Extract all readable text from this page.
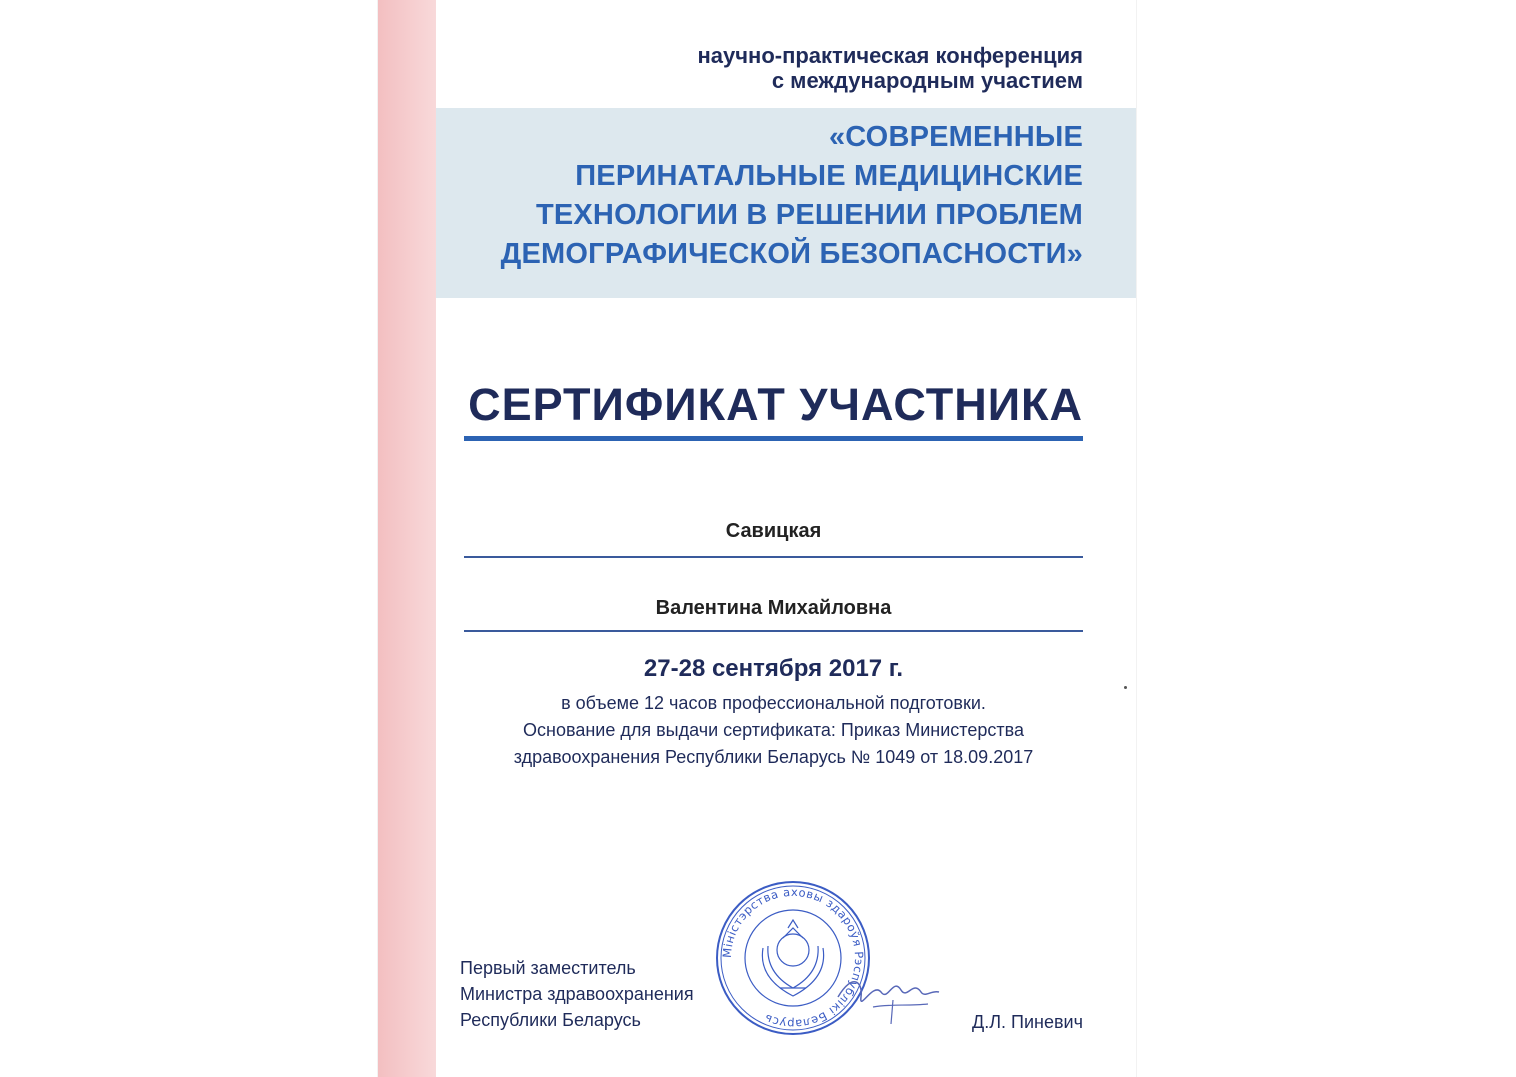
научно-практическая конференция
с международным участием
«СОВРЕМЕННЫЕ
ПЕРИНАТАЛЬНЫЕ МЕДИЦИНСКИЕ
ТЕХНОЛОГИИ В РЕШЕНИИ ПРОБЛЕМ
ДЕМОГРАФИЧЕСКОЙ БЕЗОПАСНОСТИ»
СЕРТИФИКАТ УЧАСТНИКА
Савицкая
Валентина Михайловна
27-28 сентября 2017 г.
в объеме 12 часов профессиональной подготовки.
Основание для выдачи сертификата: Приказ Министерства
здравоохранения Республики Беларусь № 1049 от 18.09.2017
Міністэрства аховы здароўя Рэспублікі Беларусь
Первый заместитель
Министра здравоохранения
Республики Беларусь	Д.Л. Пиневич
